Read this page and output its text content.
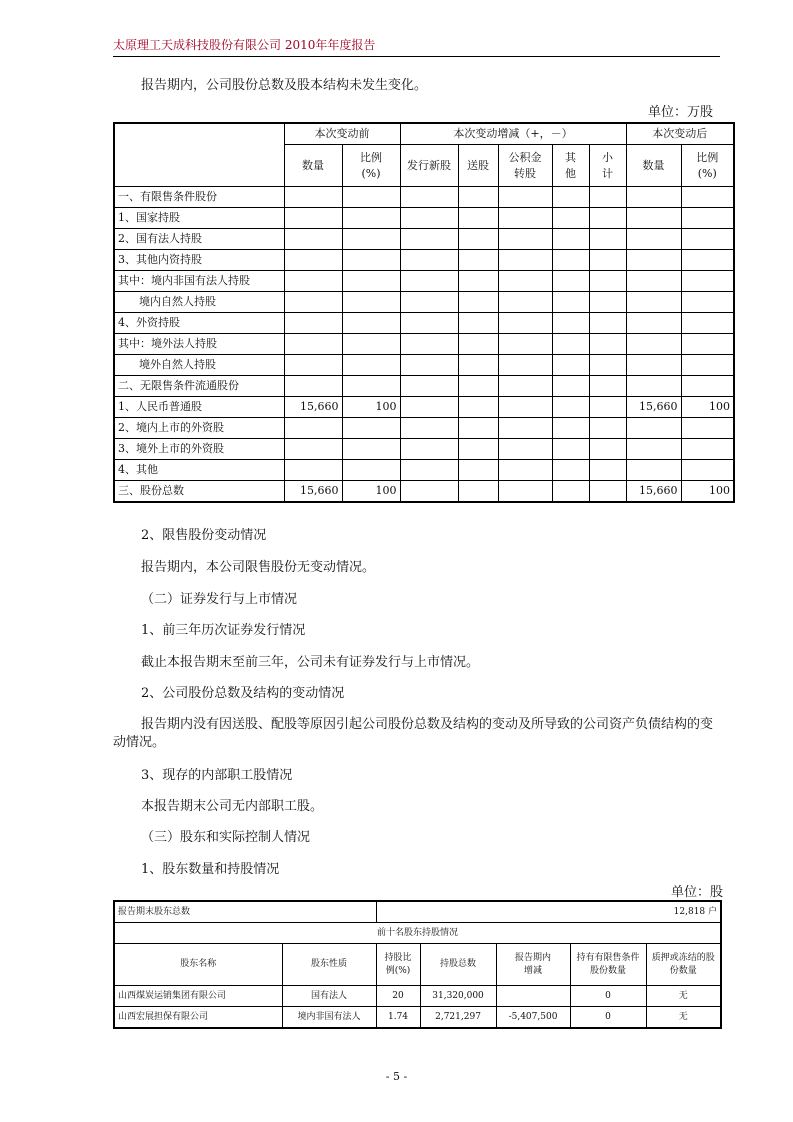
太原理工天成科技股份有限公司 2010年年度报告
报告期内，公司股份总数及股本结构未发生变化。
单位：万股
	本次变动前		本次变动增减（+，－）					本次变动后	
	数量	比例(%)	发行新股	送股	公积金转股	其他	小计	数量	比例(%)
一、有限售条件股份									
1、国家持股									
2、国有法人持股									
3、其他内资持股									
其中：境内非国有法人持股									
境内自然人持股									
4、外资持股									
其中：境外法人持股									
境外自然人持股									
二、无限售条件流通股份									
1、人民币普通股	15,660	100						15,660	100
2、境内上市的外资股									
3、境外上市的外资股									
4、其他									
三、股份总数	15,660	100						15,660	100
2、限售股份变动情况
报告期内，本公司限售股份无变动情况。
（二）证券发行与上市情况
1、前三年历次证券发行情况
截止本报告期末至前三年，公司未有证券发行与上市情况。
2、公司股份总数及结构的变动情况
报告期内没有因送股、配股等原因引起公司股份总数及结构的变动及所导致的公司资产负债结构的变动情况。
3、现存的内部职工股情况
本报告期末公司无内部职工股。
（三）股东和实际控制人情况
1、股东数量和持股情况
单位：股
报告期末股东总数		12,818 户				
前十名股东持股情况						
股东名称	股东性质	持股比例(%)	持股总数	报告期内增减	持有有限售条件股份数量	质押或冻结的股份数量
山西煤炭运销集团有限公司	国有法人	20	31,320,000		0	无
山西宏展担保有限公司	境内非国有法人	1.74	2,721,297	-5,407,500	0	无
- 5 -
